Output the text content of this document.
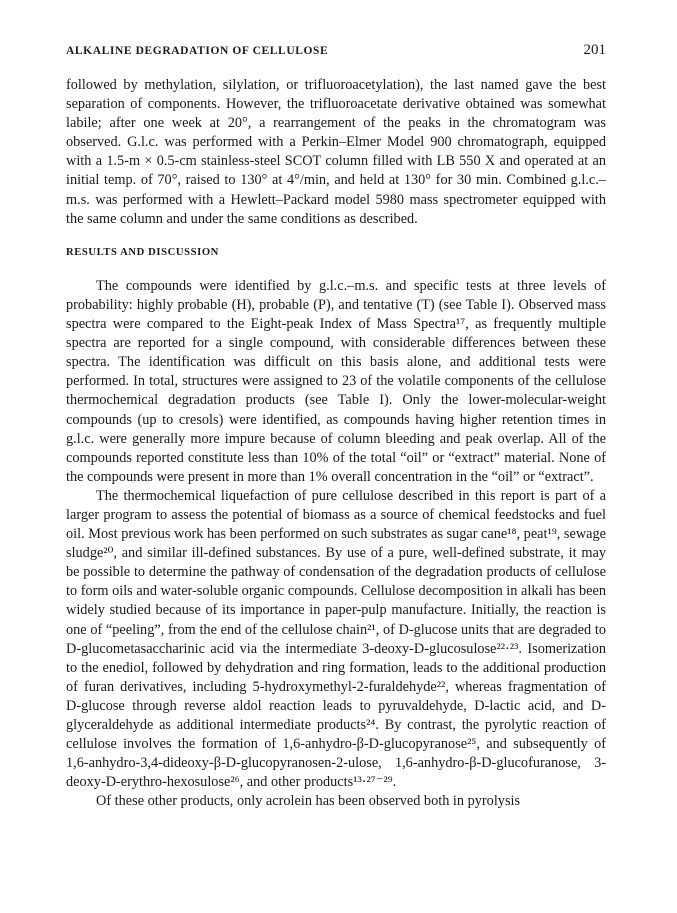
ALKALINE DEGRADATION OF CELLULOSE	201

followed by methylation, silylation, or trifluoroacetylation), the last named gave the best separation of components. However, the trifluoroacetate derivative obtained was somewhat labile; after one week at 20°, a rearrangement of the peaks in the chromatogram was observed. G.l.c. was performed with a Perkin–Elmer Model 900 chromatograph, equipped with a 1.5-m × 0.5-cm stainless-steel SCOT column filled with LB 550 X and operated at an initial temp. of 70°, raised to 130° at 4°/min, and held at 130° for 30 min. Combined g.l.c.–m.s. was performed with a Hewlett–Packard model 5980 mass spectrometer equipped with the same column and under the same conditions as described.

RESULTS AND DISCUSSION

The compounds were identified by g.l.c.–m.s. and specific tests at three levels of probability: highly probable (H), probable (P), and tentative (T) (see Table I). Observed mass spectra were compared to the Eight-peak Index of Mass Spectra¹⁷, as frequently multiple spectra are reported for a single compound, with considerable differences between these spectra. The identification was difficult on this basis alone, and additional tests were performed. In total, structures were assigned to 23 of the volatile components of the cellulose thermochemical degradation products (see Table I). Only the lower-molecular-weight compounds (up to cresols) were identified, as compounds having higher retention times in g.l.c. were generally more impure because of column bleeding and peak overlap. All of the compounds reported constitute less than 10% of the total “oil” or “extract” material. None of the compounds were present in more than 1% overall concentration in the “oil” or “extract”.

The thermochemical liquefaction of pure cellulose described in this report is part of a larger program to assess the potential of biomass as a source of chemical feedstocks and fuel oil. Most previous work has been performed on such substrates as sugar cane¹⁸, peat¹⁹, sewage sludge²⁰, and similar ill-defined substances. By use of a pure, well-defined substrate, it may be possible to determine the pathway of condensation of the degradation products of cellulose to form oils and water-soluble organic compounds. Cellulose decomposition in alkali has been widely studied because of its importance in paper-pulp manufacture. Initially, the reaction is one of “peeling”, from the end of the cellulose chain²¹, of D-glucose units that are degraded to D-glucometasaccharinic acid via the intermediate 3-deoxy-D-glucosulose²²·²³. Isomerization to the enediol, followed by dehydration and ring formation, leads to the additional production of furan derivatives, including 5-hydroxymethyl-2-furaldehyde²², whereas fragmentation of D-glucose through reverse aldol reaction leads to pyruvaldehyde, D-lactic acid, and D-glyceraldehyde as additional intermediate products²⁴. By contrast, the pyrolytic reaction of cellulose involves the formation of 1,6-anhydro-β-D-glucopyranose²⁵, and subsequently of 1,6-anhydro-3,4-dideoxy-β-D-glucopyranosen-2-ulose, 1,6-anhydro-β-D-glucofuranose, 3-deoxy-D-erythro-hexosulose²⁶, and other products¹³·²⁷⁻²⁹.

Of these other products, only acrolein has been observed both in pyrolysis
